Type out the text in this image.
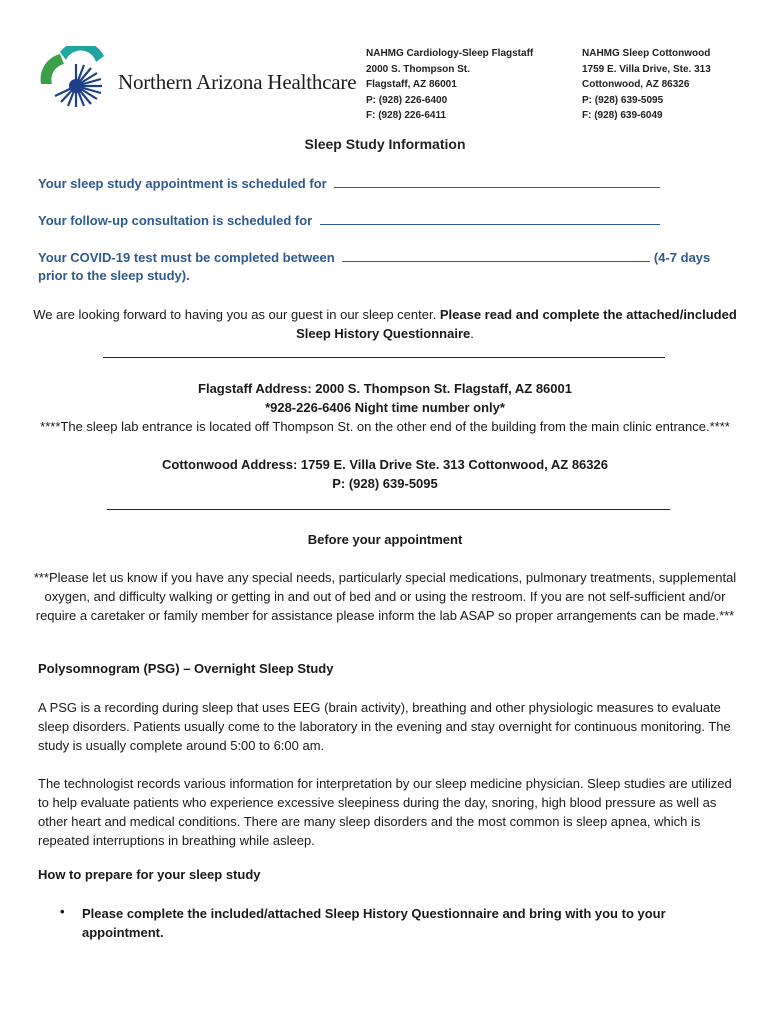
Northern Arizona Healthcare
NAHMG Cardiology-Sleep Flagstaff
2000 S. Thompson St.
Flagstaff, AZ 86001
P: (928) 226-6400
F: (928) 226-6411
NAHMG Sleep Cottonwood
1759 E. Villa Drive, Ste. 313
Cottonwood, AZ 86326
P: (928) 639-5095
F: (928) 639-6049
Sleep Study Information
Your sleep study appointment is scheduled for
Your follow-up consultation is scheduled for
Your COVID-19 test must be completed between	(4-7 days
prior to the sleep study).
We are looking forward to having you as our guest in our sleep center. Please read and complete the attached/included Sleep History Questionnaire.
Flagstaff Address: 2000 S. Thompson St. Flagstaff, AZ 86001
*928-226-6406 Night time number only*
****The sleep lab entrance is located off Thompson St. on the other end of the building from the main clinic entrance.****
Cottonwood Address: 1759 E. Villa Drive Ste. 313 Cottonwood, AZ 86326
P: (928) 639-5095
Before your appointment
***Please let us know if you have any special needs, particularly special medications, pulmonary treatments, supplemental oxygen, and difficulty walking or getting in and out of bed and or using the restroom. If you are not self-sufficient and/or require a caretaker or family member for assistance please inform the lab ASAP so proper arrangements can be made.***
Polysomnogram (PSG) – Overnight Sleep Study
A PSG is a recording during sleep that uses EEG (brain activity), breathing and other physiologic measures to evaluate sleep disorders. Patients usually come to the laboratory in the evening and stay overnight for continuous monitoring. The study is usually complete around 5:00 to 6:00 am.
The technologist records various information for interpretation by our sleep medicine physician. Sleep studies are utilized to help evaluate patients who experience excessive sleepiness during the day, snoring, high blood pressure as well as other heart and medical conditions. There are many sleep disorders and the most common is sleep apnea, which is repeated interruptions in breathing while asleep.
How to prepare for your sleep study
• Please complete the included/attached Sleep History Questionnaire and bring with you to your appointment.
